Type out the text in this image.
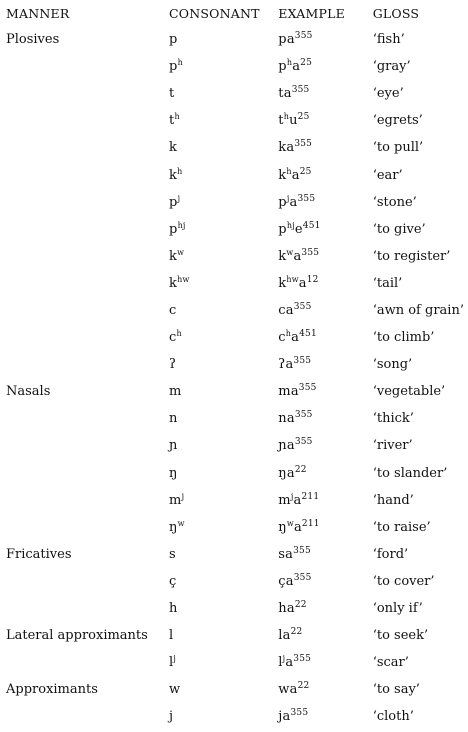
MANNER	CONSONANT	EXAMPLE	GLOSS
Plosives	p	$pa^{355}$	‘fish’
	$p^h$	$p^ha^{25}$	‘gray’
	t	$ta^{355}$	‘eye’
	$t^h$	$t^hu^{25}$	‘egrets’
	k	$ka^{355}$	‘to pull’
	$k^h$	$k^ha^{25}$	‘ear’
	$p^j$	$p^ja^{355}$	‘stone’
	$p^{hj}$	$p^{hj}e^{451}$	‘to give’
	$k^w$	$k^wa^{355}$	‘to register’
	$k^{hw}$	$k^{hw}a^{12}$	‘tail’
	c	$ca^{355}$	‘awn of grain’
	$c^h$	$c^ha^{451}$	‘to climb’
	ʔ	ʔa$^{355}$	‘song’
Nasals	m	$ma^{355}$	‘vegetable’
	n	$na^{355}$	‘thick’
	ɲ	ɲa$^{355}$	‘river’
	ŋ	$ŋa^{22}$	‘to slander’
	$m^j$	$m^ja^{211}$	‘hand’
	$ŋ^w$	$ŋ^wa^{211}$	‘to raise’
Fricatives	s	$sa^{355}$	‘ford’
	ç	$ça^{355}$	‘to cover’
	h	$ha^{22}$	‘only if’
Lateral approximants	l	$la^{22}$	‘to seek’
	$l^j$	$l^ja^{355}$	‘scar’
Approximants	w	$wa^{22}$	‘to say’
	j	$ja^{355}$	‘cloth’
